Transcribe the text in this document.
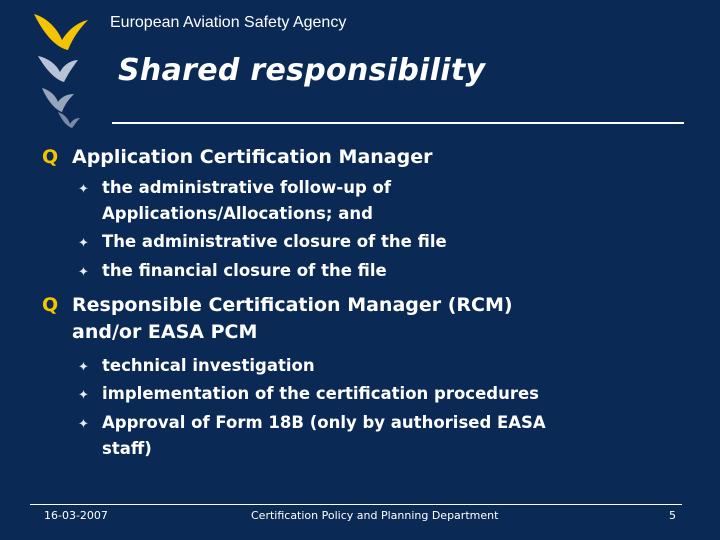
European Aviation Safety Agency
Shared responsibility
Q Application Certification Manager
✦ the administrative follow-up of
Applications/Allocations; and
✦ The administrative closure of the file
✦ the financial closure of the file
Q Responsible Certification Manager (RCM)
and/or EASA PCM
✦ technical investigation
✦ implementation of the certification procedures
✦ Approval of Form 18B (only by authorised EASA
staff)
16-03-2007	Certification Policy and Planning Department	5
